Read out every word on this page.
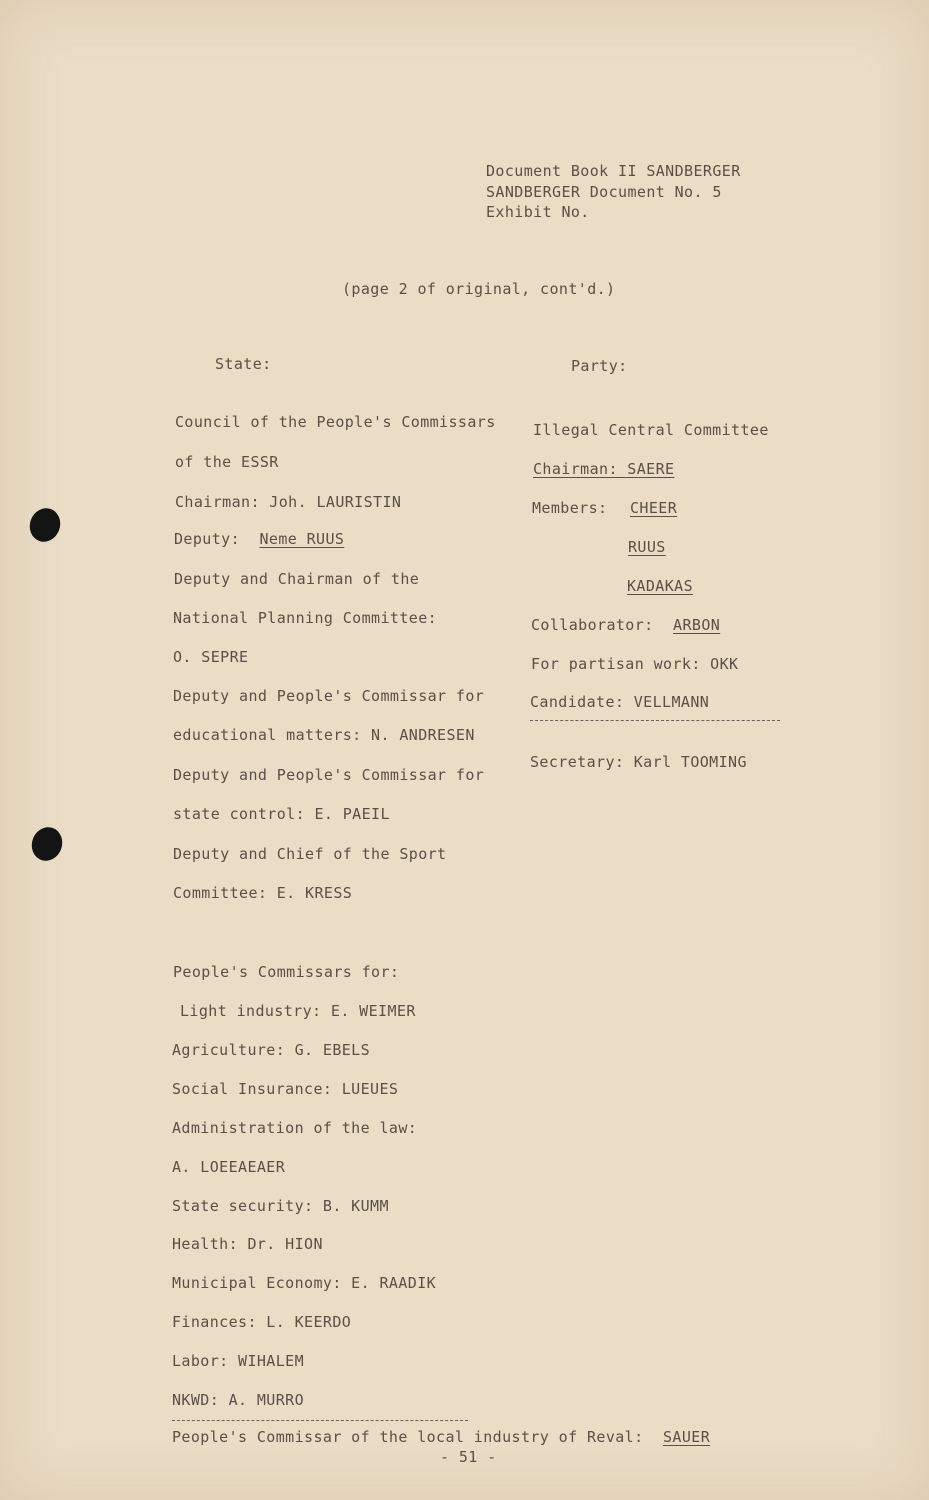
Document Book II SANDBERGER
SANDBERGER Document No. 5
Exhibit No.
(page 2 of original, cont'd.)
State:	Party:
Council of the People's Commissars
of the ESSR
Chairman: Joh. LAURISTIN
Deputy: Neme RUUS
Deputy and Chairman of the
National Planning Committee:
O. SEPRE
Deputy and People's Commissar for
educational matters: N. ANDRESEN
Deputy and People's Commissar for
state control: E. PAEIL
Deputy and Chief of the Sport
Committee: E. KRESS
Illegal Central Committee
Chairman: SAERE
Members: CHEER
RUUS
KADAKAS
Collaborator: ARBON
For partisan work: OKK
Candidate: VELLMANN
Secretary: Karl TOOMING
People's Commissars for:
Light industry: E. WEIMER
Agriculture: G. EBELS
Social Insurance: LUEUES
Administration of the law:
A. LOEEAEAER
State security: B. KUMM
Health: Dr. HION
Municipal Economy: E. RAADIK
Finances: L. KEERDO
Labor: WIHALEM
NKWD: A. MURRO
People's Commissar of the local industry of Reval: SAUER
- 51 -
